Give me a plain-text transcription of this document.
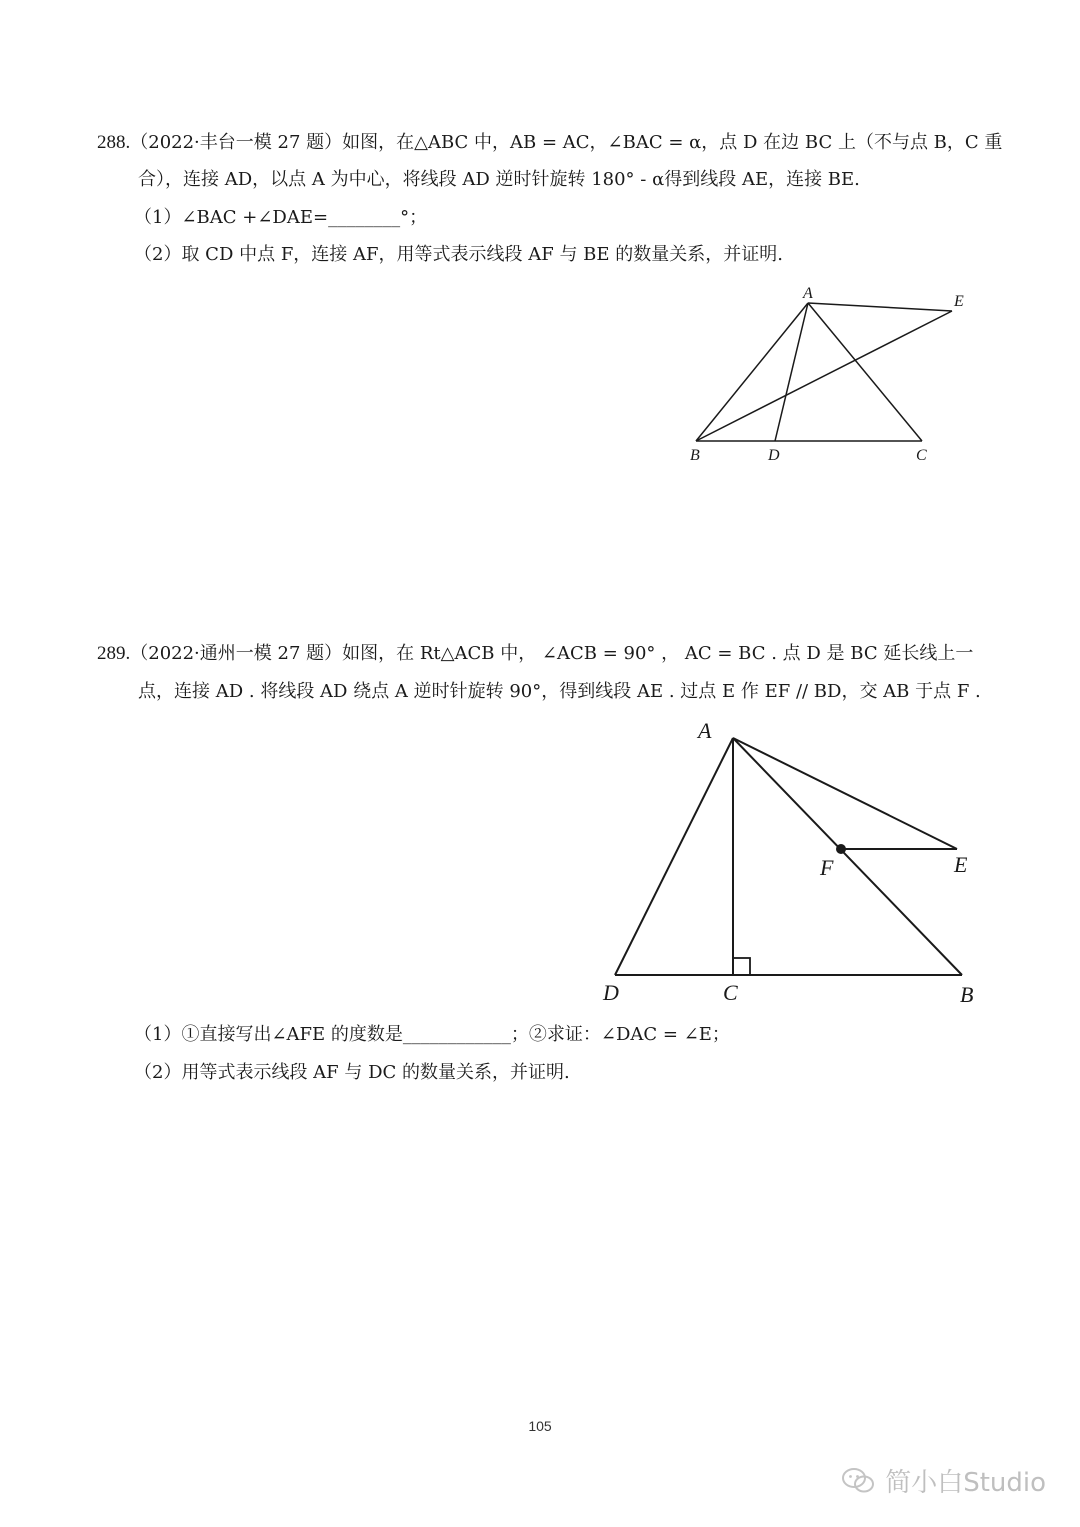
288.（2022·丰台一模 27 题）如图，在△ABC 中，AB = AC，∠BAC = α，点 D 在边 BC 上（不与点 B，C 重
合），连接 AD，以点 A 为中心，将线段 AD 逆时针旋转 180° - α得到线段 AE，连接 BE.
（1）∠BAC +∠DAE=________°；
（2）取 CD 中点 F，连接 AF，用等式表示线段 AF 与 BE 的数量关系，并证明.
A	E
B	D	C
289.（2022·通州一模 27 题）如图，在 Rt△ACB 中， ∠ACB = 90° ， AC = BC . 点 D 是 BC 延长线上一
点，连接 AD . 将线段 AD 绕点 A 逆时针旋转 90°，得到线段 AE . 过点 E 作 EF // BD，交 AB 于点 F .
A
F	E
D	C	B
（1）①直接写出∠AFE 的度数是____________；②求证：∠DAC = ∠E；
（2）用等式表示线段 AF 与 DC 的数量关系，并证明.
105
简小白Studio
